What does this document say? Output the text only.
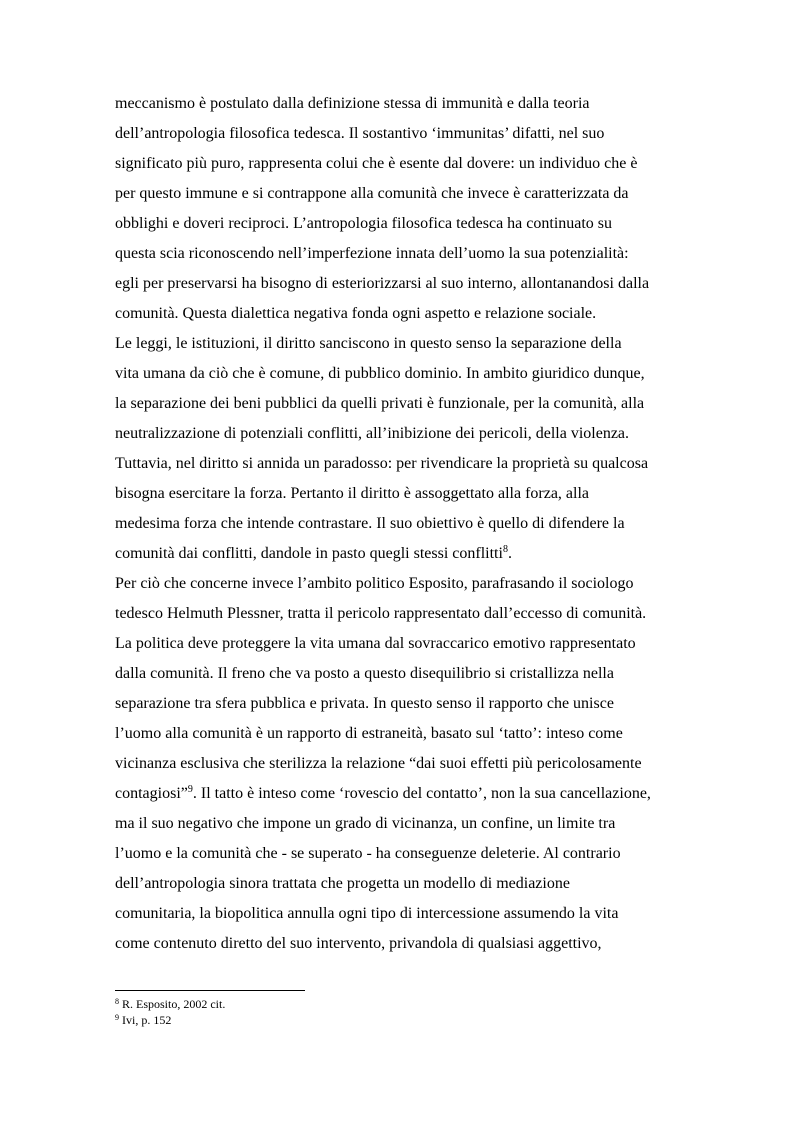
meccanismo è postulato dalla definizione stessa di immunità e dalla teoria
dell’antropologia filosofica tedesca. Il sostantivo ‘immunitas’ difatti, nel suo
significato più puro, rappresenta colui che è esente dal dovere: un individuo che è
per questo immune e si contrappone alla comunità che invece è caratterizzata da
obblighi e doveri reciproci. L’antropologia filosofica tedesca ha continuato su
questa scia riconoscendo nell’imperfezione innata dell’uomo la sua potenzialità:
egli per preservarsi ha bisogno di esteriorizzarsi al suo interno, allontanandosi dalla
comunità. Questa dialettica negativa fonda ogni aspetto e relazione sociale.
Le leggi, le istituzioni, il diritto sanciscono in questo senso la separazione della
vita umana da ciò che è comune, di pubblico dominio. In ambito giuridico dunque,
la separazione dei beni pubblici da quelli privati è funzionale, per la comunità, alla
neutralizzazione di potenziali conflitti, all’inibizione dei pericoli, della violenza.
Tuttavia, nel diritto si annida un paradosso: per rivendicare la proprietà su qualcosa
bisogna esercitare la forza. Pertanto il diritto è assoggettato alla forza, alla
medesima forza che intende contrastare. Il suo obiettivo è quello di difendere la
comunità dai conflitti, dandole in pasto quegli stessi conflitti$^8$.
Per ciò che concerne invece l’ambito politico Esposito, parafrasando il sociologo
tedesco Helmuth Plessner, tratta il pericolo rappresentato dall’eccesso di comunità.
La politica deve proteggere la vita umana dal sovraccarico emotivo rappresentato
dalla comunità. Il freno che va posto a questo disequilibrio si cristallizza nella
separazione tra sfera pubblica e privata. In questo senso il rapporto che unisce
l’uomo alla comunità è un rapporto di estraneità, basato sul ‘tatto’: inteso come
vicinanza esclusiva che sterilizza la relazione “dai suoi effetti più pericolosamente
contagiosi”$^9$. Il tatto è inteso come ‘rovescio del contatto’, non la sua cancellazione,
ma il suo negativo che impone un grado di vicinanza, un confine, un limite tra
l’uomo e la comunità che - se superato - ha conseguenze deleterie. Al contrario
dell’antropologia sinora trattata che progetta un modello di mediazione
comunitaria, la biopolitica annulla ogni tipo di intercessione assumendo la vita
come contenuto diretto del suo intervento, privandola di qualsiasi aggettivo,
$^8$ R. Esposito, 2002 cit.
$^9$ Ivi, p. 152
